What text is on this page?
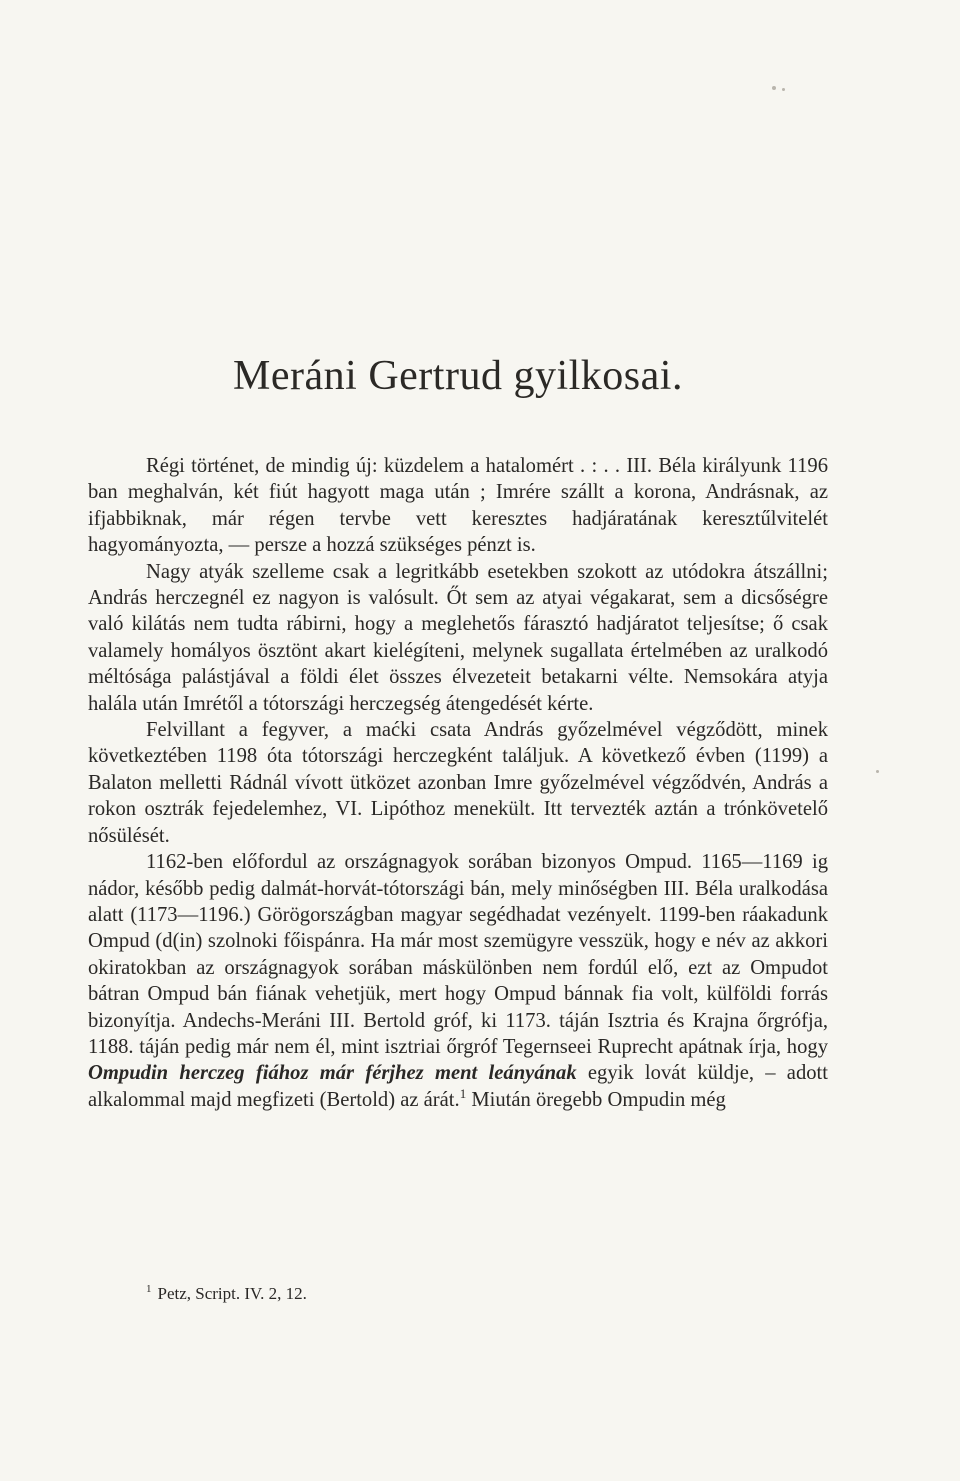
Meráni Gertrud gyilkosai.

Régi történet, de mindig új: küzdelem a hatalomért . : . . III. Béla királyunk 1196 ban meghalván, két fiút hagyott maga után ; Imrére szállt a korona, Andrásnak, az ifjabbiknak, már régen tervbe vett keresztes hadjáratának keresztűlvitelét hagyományozta, — persze a hozzá szükséges pénzt is.

Nagy atyák szelleme csak a legritkább esetekben szokott az utódokra átszállni; András herczegnél ez nagyon is valósult. Őt sem az atyai végakarat, sem a dicsőségre való kilátás nem tudta rábirni, hogy a meglehetős fárasztó hadjáratot teljesítse; ő csak valamely homályos ösztönt akart kielégíteni, melynek sugallata értelmében az uralkodó méltósága palástjával a földi élet összes élvezeteit betakarni vélte. Nemsokára atyja halála után Imrétől a tótországi herczegség átengedését kérte.

Felvillant a fegyver, a maćki csata András győzelmével végződött, minek következtében 1198 óta tótországi herczegként találjuk. A következő évben (1199) a Balaton melletti Rádnál vívott ütközet azonban Imre győzelmével végződvén, András a rokon osztrák fejedelemhez, VI. Lipóthoz menekült. Itt tervezték aztán a trónkövetelő nősülését.

1162-ben előfordul az országnagyok sorában bizonyos Ompud. 1165—1169 ig nádor, később pedig dalmát-horvát-tótországi bán, mely minőségben III. Béla uralkodása alatt (1173—1196.) Görögországban magyar segédhadat vezényelt. 1199-ben ráakadunk Ompud (d(in) szolnoki főispánra. Ha már most szemügyre vesszük, hogy e név az akkori okiratokban az országnagyok sorában máskülönben nem fordúl elő, ezt az Ompudot bátran Ompud bán fiának vehetjük, mert hogy Ompud bánnak fia volt, külföldi forrás bizonyítja. Andechs-Meráni III. Bertold gróf, ki 1173. táján Isztria és Krajna őrgrófja, 1188. táján pedig már nem él, mint isztriai őrgróf Tegernseei Ruprecht apátnak írja, hogy Ompudin herczeg fiához már férjhez ment leányának egyik lovát küldje, – adott alkalommal majd megfizeti (Bertold) az árát.$^1$ Miután öregebb Ompudin még

$^1$ Petz, Script. IV. 2, 12.
